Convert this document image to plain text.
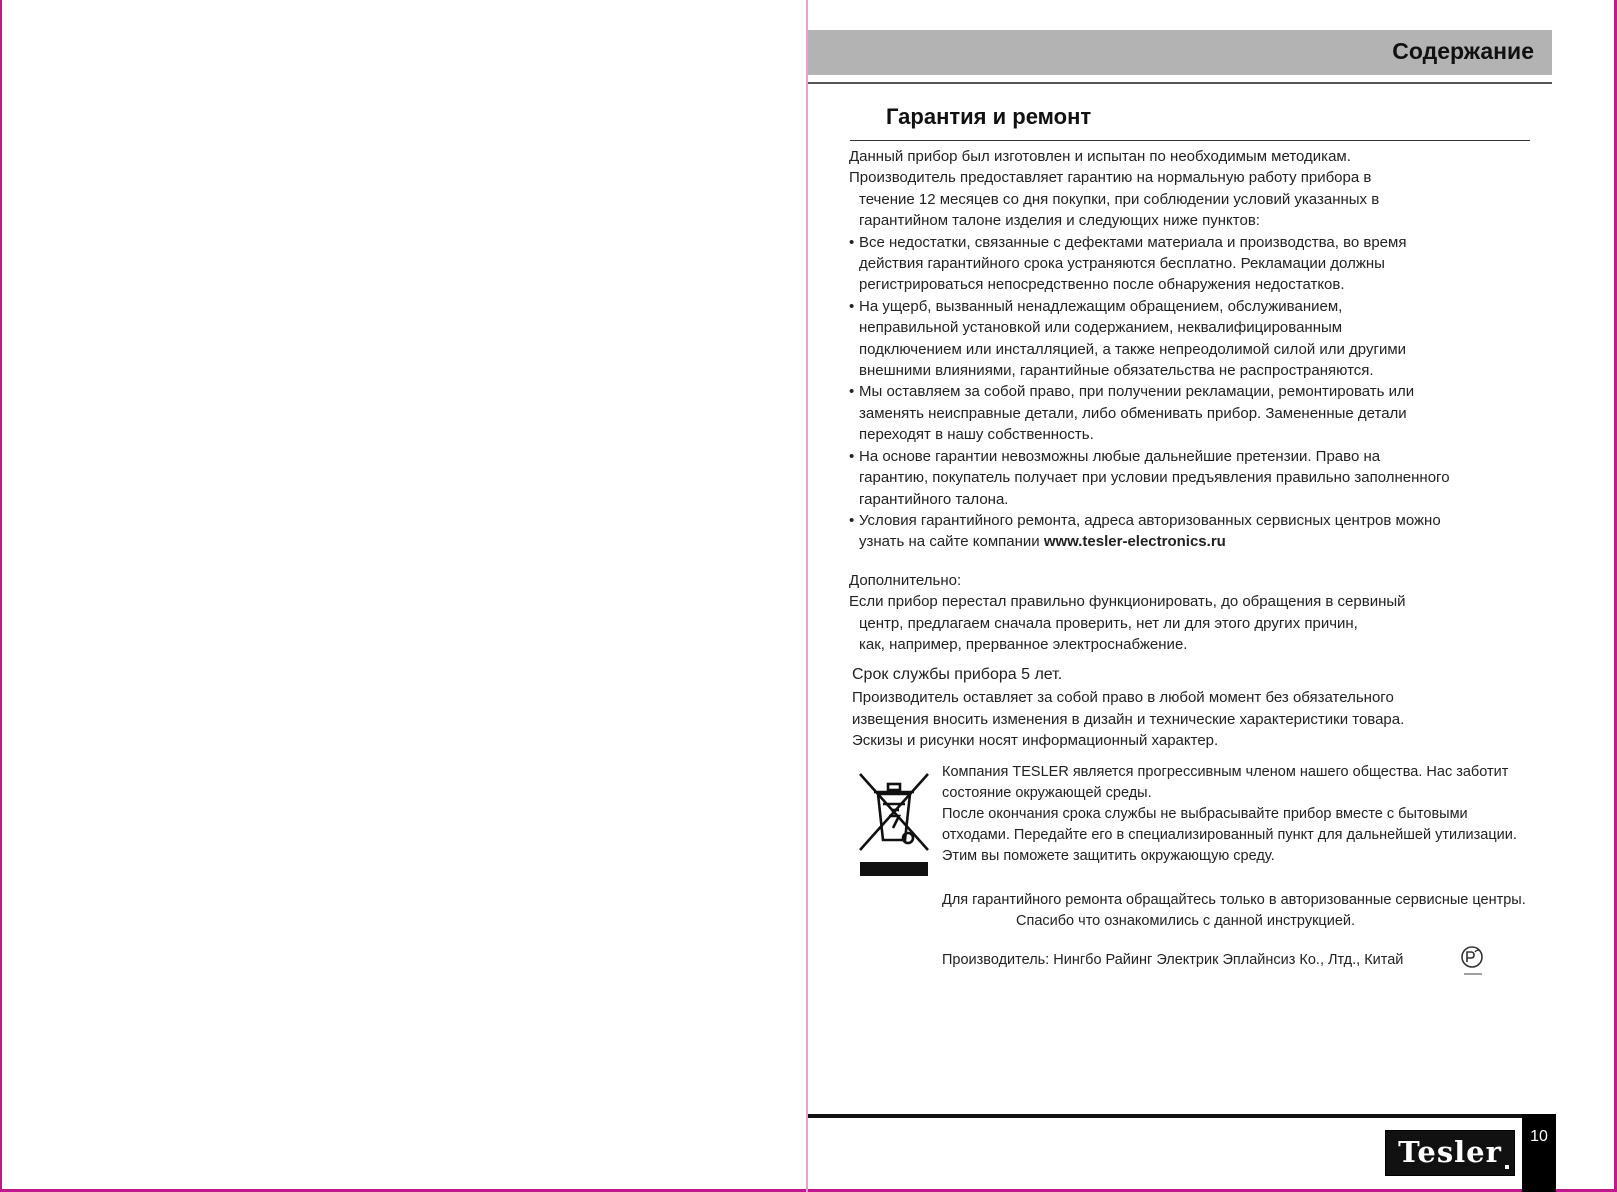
Содержание
Гарантия и ремонт
Данный прибор был изготовлен и испытан по необходимым методикам.
Производитель предоставляет гарантию на нормальную работу прибора в
течение 12 месяцев со дня покупки, при соблюдении условий указанных в
гарантийном талоне изделия и следующих ниже пунктов:
• Все недостатки, связанные с дефектами материала и производства, во время
действия гарантийного срока устраняются бесплатно. Рекламации должны
регистрироваться непосредственно после обнаружения недостатков.
• На ущерб, вызванный ненадлежащим обращением, обслуживанием,
неправильной установкой или содержанием, неквалифицированным
подключением или инсталляцией, а также непреодолимой силой или другими
внешними влияниями, гарантийные обязательства не распространяются.
• Мы оставляем за собой право, при получении рекламации, ремонтировать или
заменять неисправные детали, либо обменивать прибор. Замененные детали
переходят в нашу собственность.
• На основе гарантии невозможны любые дальнейшие претензии. Право на
гарантию, покупатель получает при условии предъявления правильно заполненного
гарантийного талона.
• Условия гарантийного ремонта, адреса авторизованных сервисных центров можно
узнать на сайте компании www.tesler-electronics.ru
Дополнительно:
Если прибор перестал правильно функционировать, до обращения в сервиный
центр, предлагаем сначала проверить, нет ли для этого других причин,
как, например, прерванное электроснабжение.
Срок службы прибора 5 лет.
Производитель оставляет за собой право в любой момент без обязательного
извещения вносить изменения в дизайн и технические характеристики товара.
Эскизы и рисунки носят информационный характер.
Компания TESLER является прогрессивным членом нашего общества. Нас заботит
состояние окружающей среды.
После окончания срока службы не выбрасывайте прибор вместе с бытовыми
отходами. Передайте его в специализированный пункт для дальнейшей утилизации.
Этим вы поможете защитить окружающую среду.
Для гарантийного ремонта обращайтесь только в авторизованные сервисные центры.
Спасибо что ознакомились с данной инструкцией.
Производитель: Нингбо Райинг Электрик Эплайнсиз Ко., Лтд., Китай
Tesler	10
